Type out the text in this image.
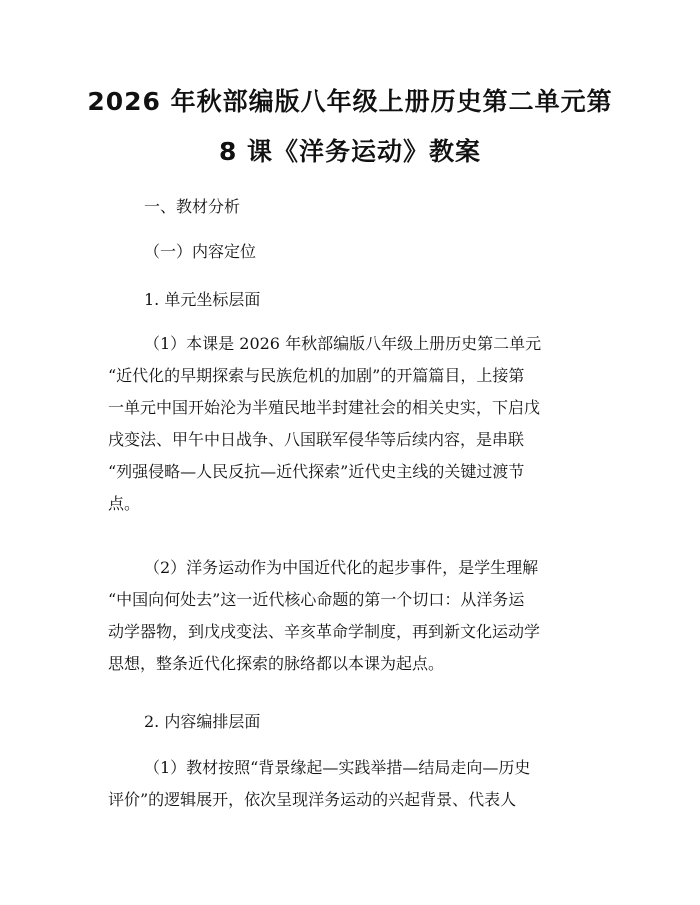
2026 年秋部编版八年级上册历史第二单元第
8 课《洋务运动》教案
一、教材分析
（一）内容定位
1. 单元坐标层面
（1）本课是 2026 年秋部编版八年级上册历史第二单元
“近代化的早期探索与民族危机的加剧”的开篇篇目，上接第
一单元中国开始沦为半殖民地半封建社会的相关史实，下启戊
戌变法、甲午中日战争、八国联军侵华等后续内容，是串联
“列强侵略—人民反抗—近代探索”近代史主线的关键过渡节
点。
（2）洋务运动作为中国近代化的起步事件，是学生理解
“中国向何处去”这一近代核心命题的第一个切口：从洋务运
动学器物，到戊戌变法、辛亥革命学制度，再到新文化运动学
思想，整条近代化探索的脉络都以本课为起点。
2. 内容编排层面
（1）教材按照“背景缘起—实践举措—结局走向—历史
评价”的逻辑展开，依次呈现洋务运动的兴起背景、代表人
